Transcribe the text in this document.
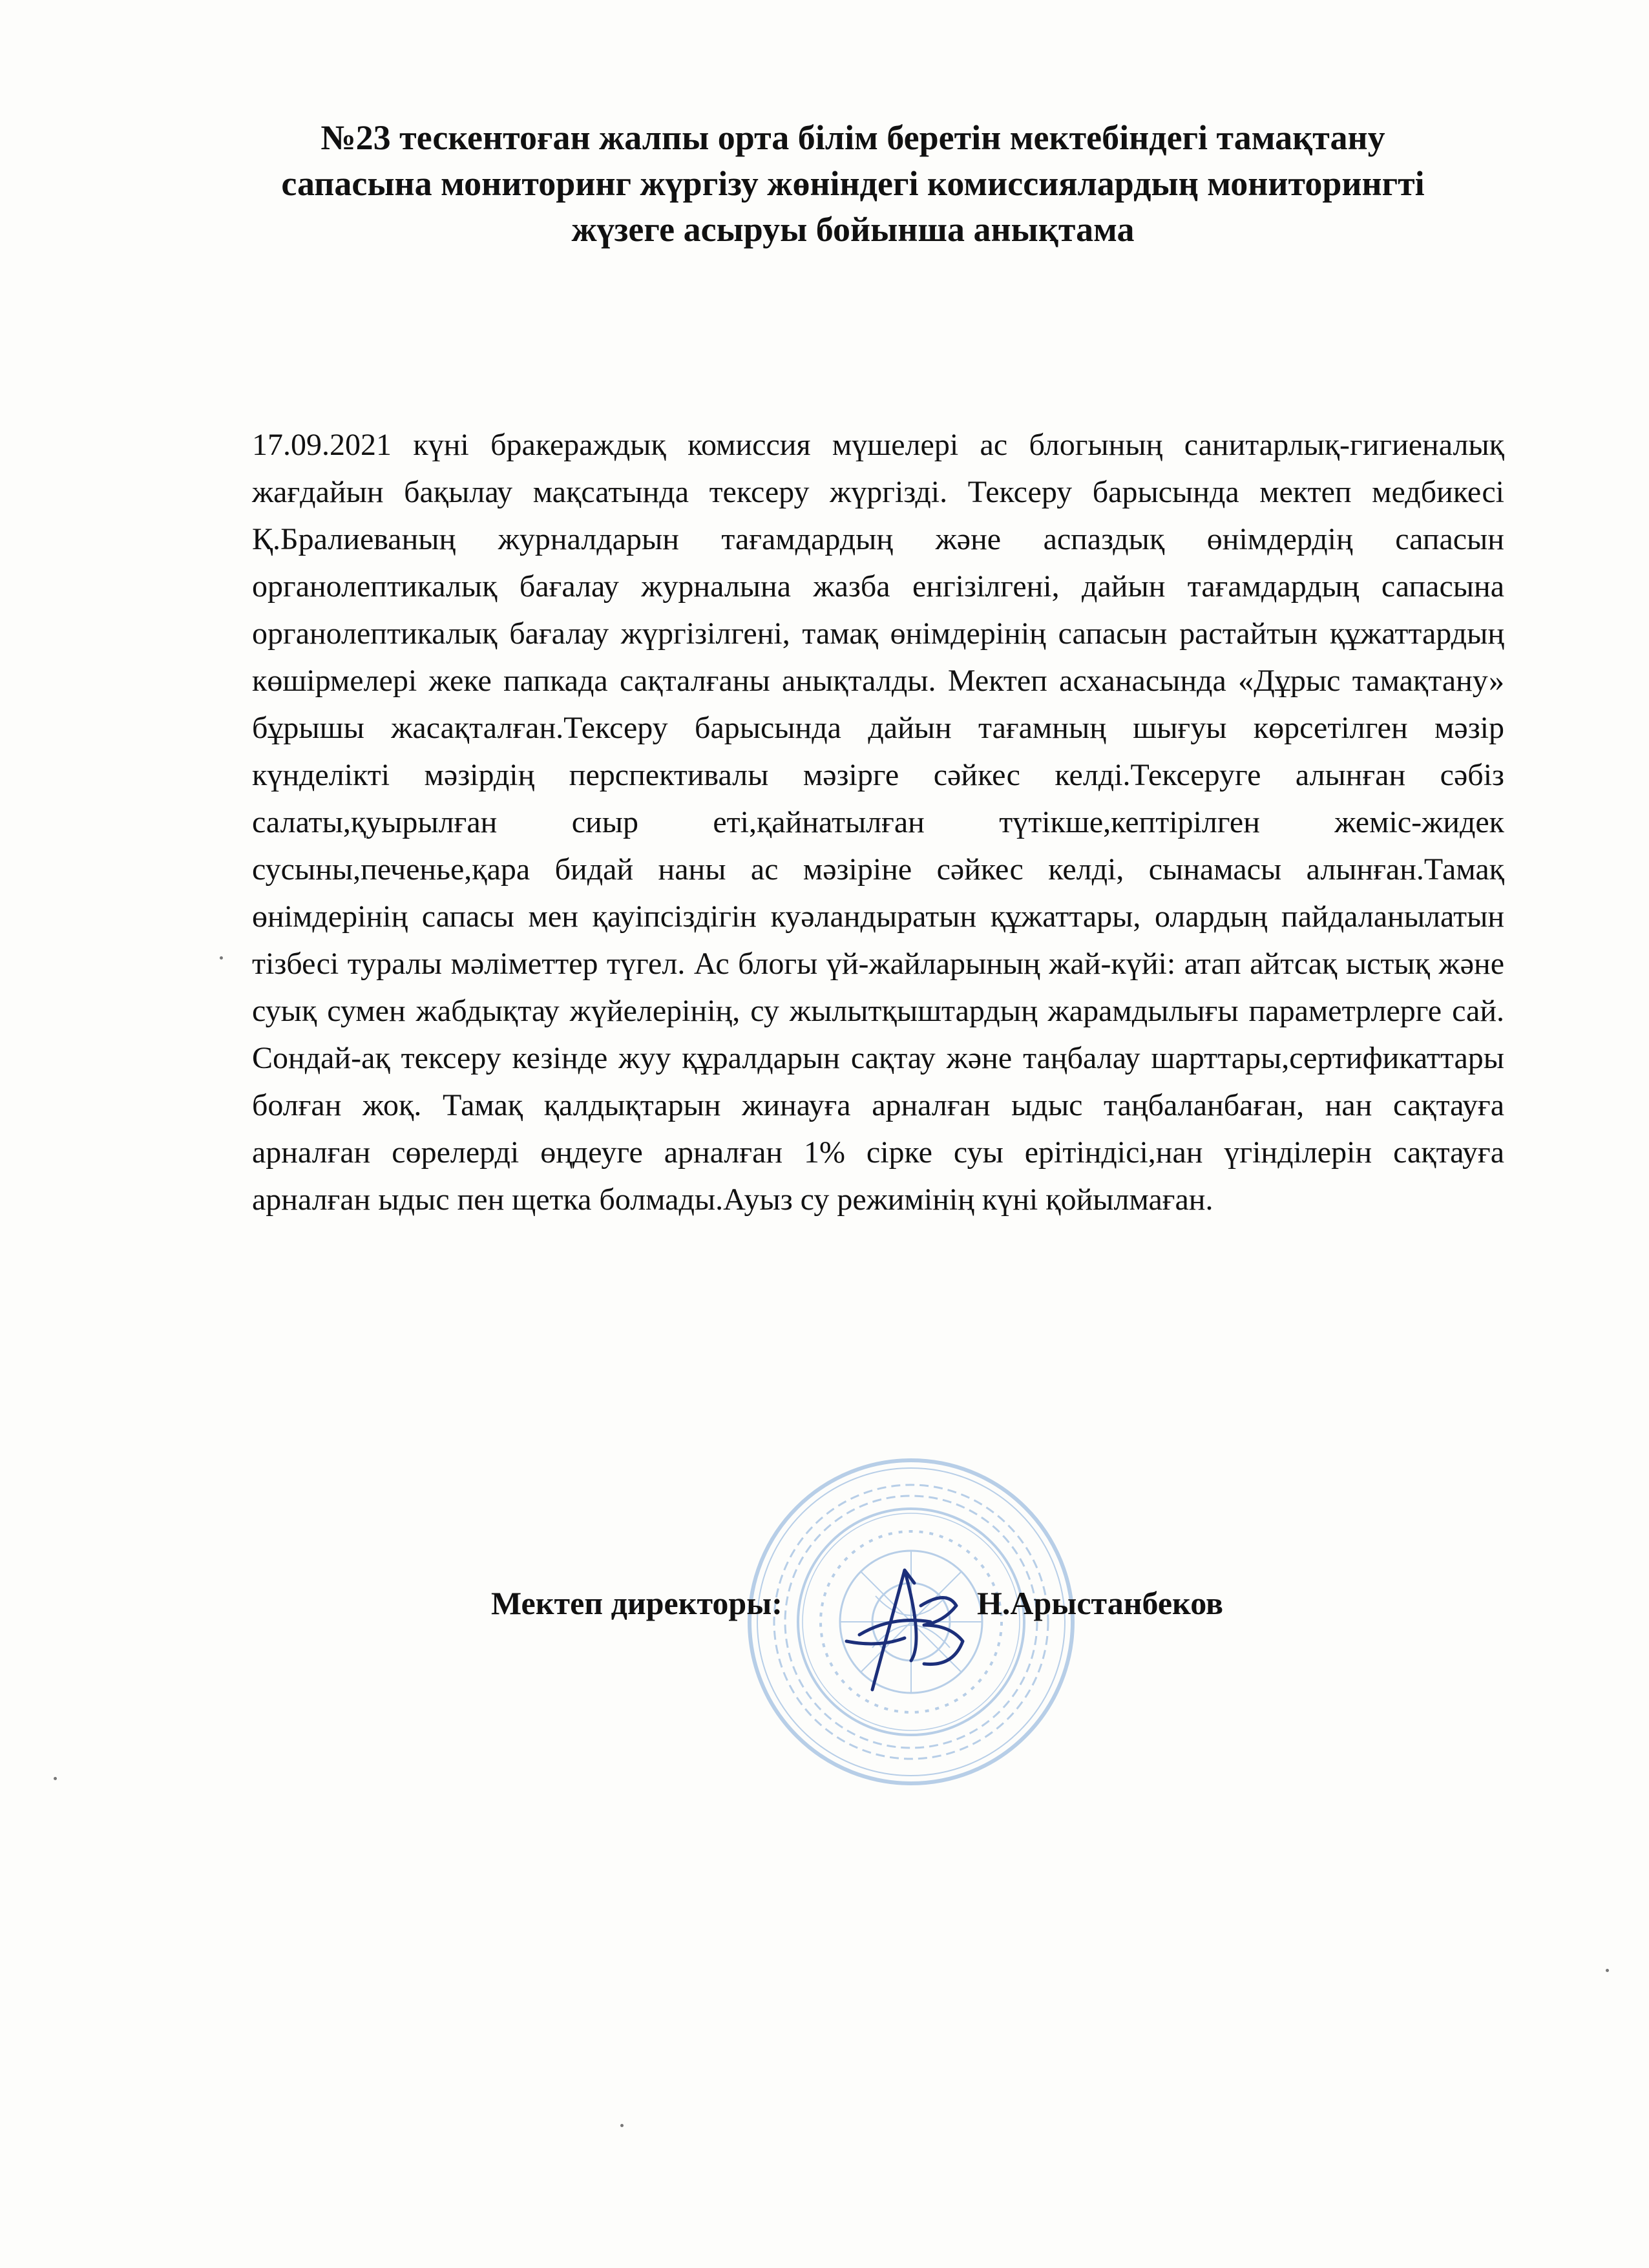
№23 тескентоған жалпы орта білім беретін мектебіндегі тамақтану
сапасына мониторинг жүргізу жөніндегі комиссиялардың мониторингті
жүзеге асыруы бойынша анықтама

17.09.2021 күні бракераждық комиссия мүшелері ас блогының санитарлық-гигиеналық жағдайын бақылау мақсатында тексеру жүргізді. Тексеру барысында мектеп медбикесі Қ.Бралиеваның журналдарын тағамдардың және аспаздық өнімдердің сапасын органолептикалық бағалау журналына жазба енгізілгені, дайын тағамдардың сапасына органолептикалық бағалау жүргізілгені, тамақ өнімдерінің сапасын растайтын құжаттардың көшірмелері жеке папкада сақталғаны анықталды. Мектеп асханасында «Дұрыс тамақтану» бұрышы жасақталған.Тексеру барысында дайын тағамның шығуы көрсетілген мәзір күнделікті мәзірдің перспективалы мәзірге сәйкес келді.Тексеруге алынған сәбіз салаты,қуырылған сиыр еті,қайнатылған түтікше,кептірілген жеміс-жидек сусыны,печенье,қара бидай наны ас мәзіріне сәйкес келді, сынамасы алынған.Тамақ өнімдерінің сапасы мен қауіпсіздігін куәландыратын құжаттары, олардың пайдаланылатын тізбесі туралы мәліметтер түгел. Ас блогы үй-жайларының жай-күйі: атап айтсақ ыстық және суық сумен жабдықтау жүйелерінің, су жылытқыштардың жарамдылығы параметрлерге сай. Сондай-ақ тексеру кезінде жуу құралдарын сақтау және таңбалау шарттары,сертификаттары болған жоқ. Тамақ қалдықтарын жинауға арналған ыдыс таңбаланбаған, нан сақтауға арналған сөрелерді өңдеуге арналған 1% сірке суы ерітіндісі,нан үгінділерін сақтауға арналған ыдыс пен щетка болмады.Ауыз су режимінің күні қойылмаған.

Мектеп директоры:	Н.Арыстанбеков
